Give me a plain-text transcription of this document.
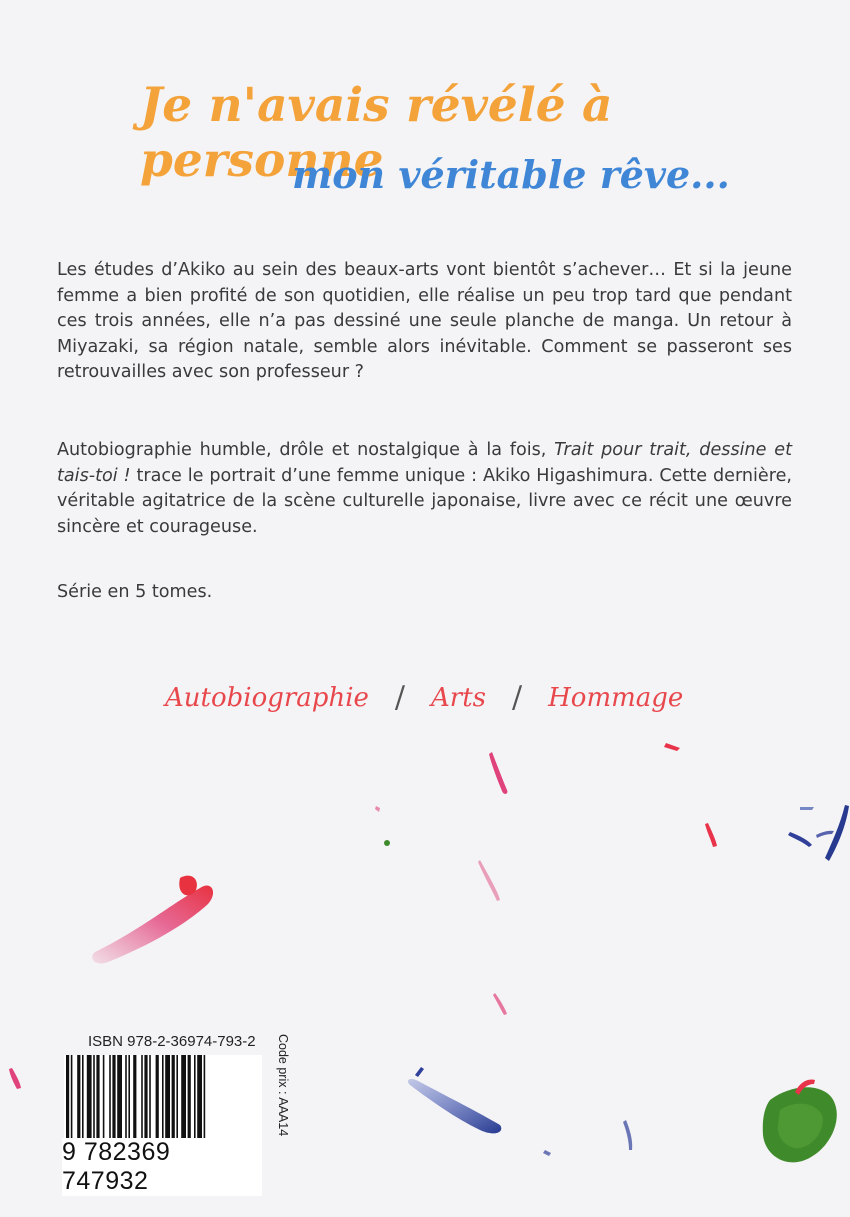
Je n'avais révélé à personne
mon véritable rêve...

Les études d’Akiko au sein des beaux-arts vont bientôt s’achever… Et si la jeune femme a bien profité de son quotidien, elle réalise un peu trop tard que pendant ces trois années, elle n’a pas dessiné une seule planche de manga. Un retour à Miyazaki, sa région natale, semble alors inévitable. Comment se passeront ses retrouvailles avec son professeur ?

Autobiographie humble, drôle et nostalgique à la fois, Trait pour trait, dessine et tais-toi ! trace le portrait d’une femme unique : Akiko Higashimura. Cette dernière, véritable agitatrice de la scène culturelle japonaise, livre avec ce récit une œuvre sincère et courageuse.

Série en 5 tomes.

Autobiographie / Arts / Hommage
ISBN 978-2-36974-793-2
9 782369 747932
Code prix : AAA14
